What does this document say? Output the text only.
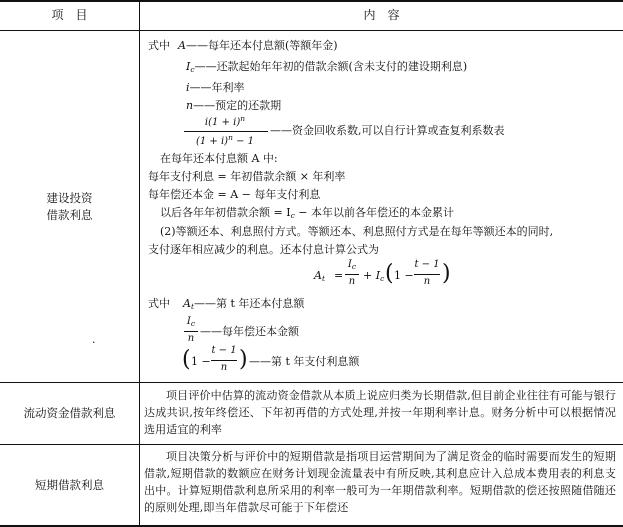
项　目	内　容
建设投资
借款利息
·
式中 A——每年还本付息额(等额年金)
$I_c——$还款起始年年初的借款余额(含未支付的建设期利息)
i——年利率
n——预定的还款期
$i(1 + i)^n$
$(1 + i)^n - 1$
——资金回收系数,可以自行计算或查复利系数表
在每年还本付息额 A 中:
每年支付利息 = 年初借款余额 × 年利率
每年偿还本金 = A − 每年支付利息
以后各年年初借款余额 = $I_c$ − 本年以前各年偿还的本金累计
(2)等额还本、利息照付方式。等额还本、利息照付方式是在每年等额还本的同时,
支付逐年相应减少的利息。还本付息计算公式为
$A_t$ =
$I_c$
$n + I_c$ ( 1 −
t − 1
n )
式中 $A_t——$第 t 年还本付息额
$I_c$
n
——每年偿还本金额
( 1 −
t − 1
n ) ——第 t 年支付利息额
流动资金借款利息
项目评价中估算的流动资金借款从本质上说应归类为长期借款,但目前企业往往有可能与银行达成共识,按年终偿还、下年初再借的方式处理,并按一年期利率计息。财务分析中可以根据情况选用适宜的利率
短期借款利息
项目决策分析与评价中的短期借款是指项目运营期间为了满足资金的临时需要而发生的短期借款,短期借款的数额应在财务计划现金流量表中有所反映,其利息应计入总成本费用表的利息支出中。计算短期借款利息所采用的利率一般可为一年期借款利率。短期借款的偿还按照随借随还的原则处理,即当年借款尽可能于下年偿还
